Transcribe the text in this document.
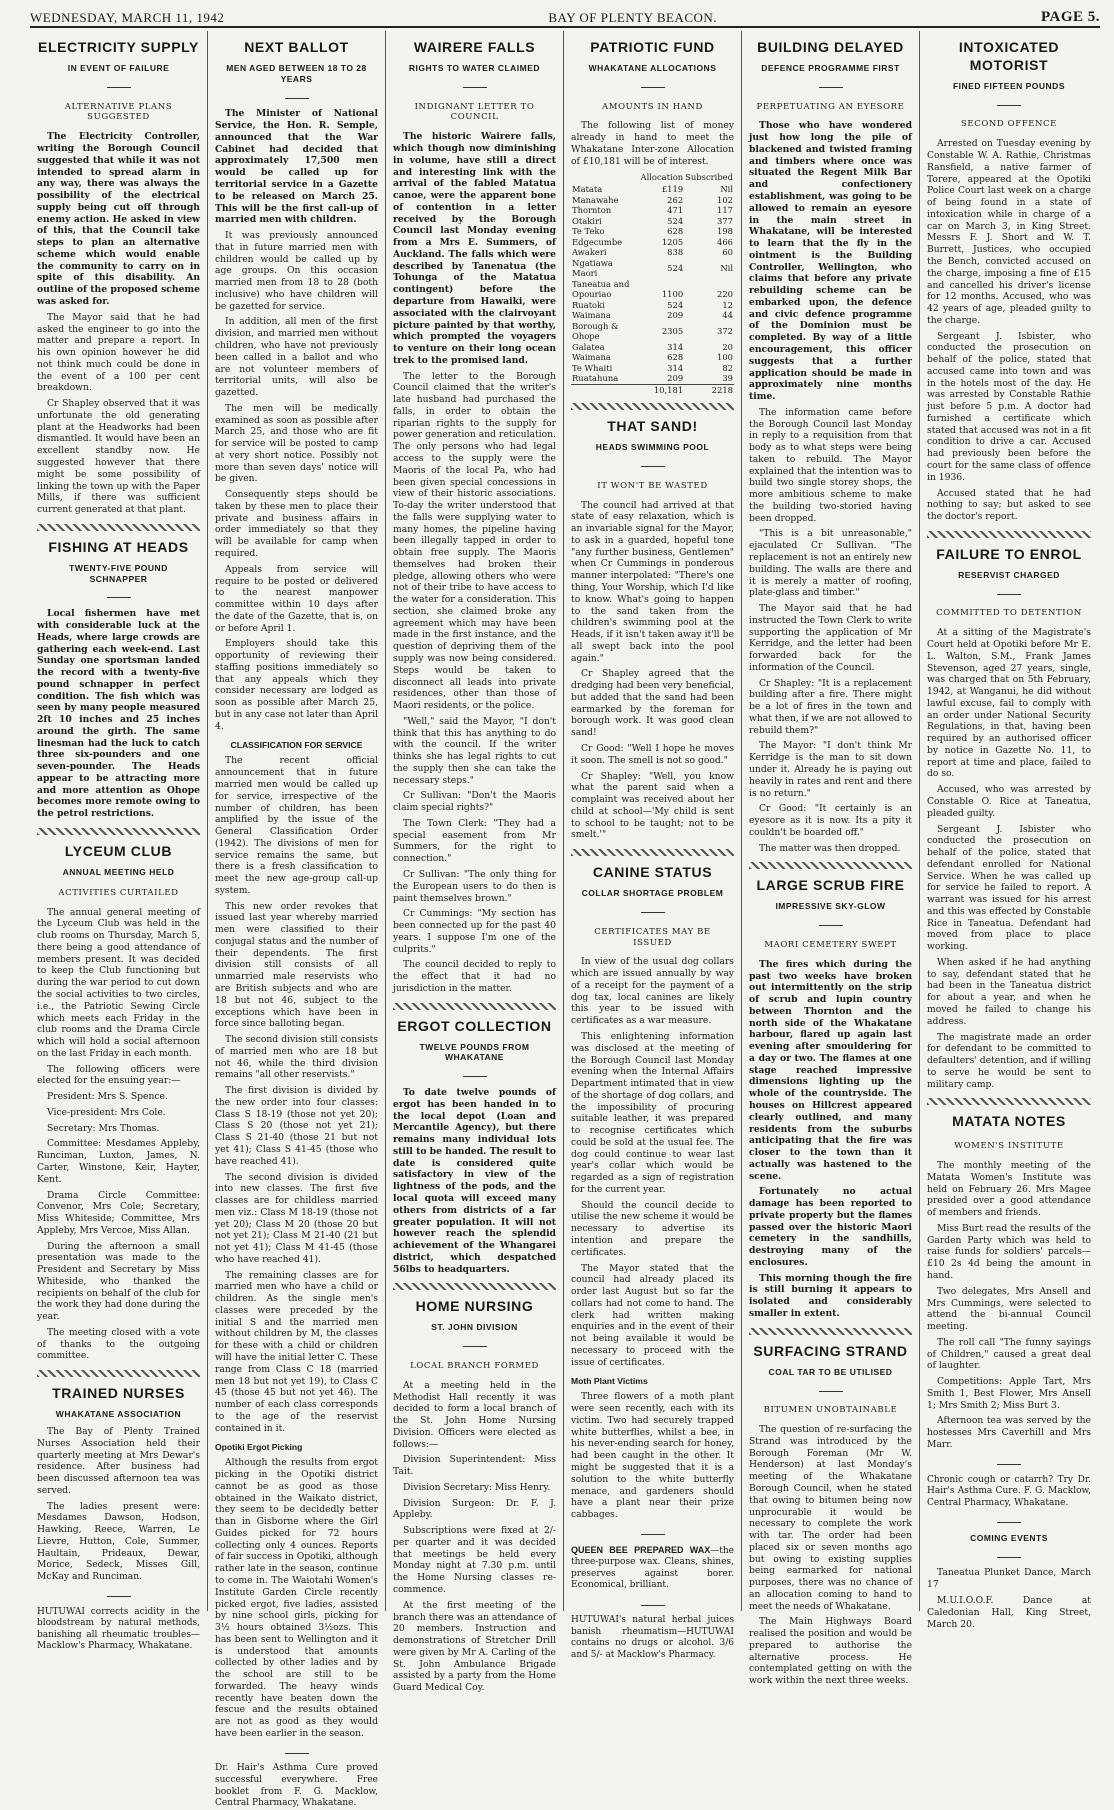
WEDNESDAY, MARCH 11, 1942	BAY OF PLENTY BEACON.	PAGE 5.
ELECTRICITY SUPPLY
IN EVENT OF FAILURE
ALTERNATIVE PLANS SUGGESTED

The Electricity Controller, writing the Borough Council suggested that while it was not intended to spread alarm in any way, there was always the possibility of the electrical supply being cut off through enemy action. He asked in view of this, that the Council take steps to plan an alternative scheme which would enable the community to carry on in spite of this disability. An outline of the proposed scheme was asked for.

The Mayor said that he had asked the engineer to go into the matter and prepare a report. In his own opinion however he did not think much could be done in the event of a 100 per cent breakdown.

Cr Shapley observed that it was unfortunate the old generating plant at the Headworks had been dismantled. It would have been an excellent standby now. He suggested however that there might be some possibility of linking the town up with the Paper Mills, if there was sufficient current generated at that plant.

FISHING AT HEADS
TWENTY-FIVE POUND SCHNAPPER

Local fishermen have met with considerable luck at the Heads, where large crowds are gathering each week-end. Last Sunday one sportsman landed the record with a twenty-five pound schnapper in perfect condition. The fish which was seen by many people measured 2ft 10 inches and 25 inches around the girth. The same linesman had the luck to catch three six-pounders and one seven-pounder. The Heads appear to be attracting more and more attention as Ohope becomes more remote owing to the petrol restrictions.

LYCEUM CLUB
ANNUAL MEETING HELD
ACTIVITIES CURTAILED

The annual general meeting of the Lyceum Club was held in the club rooms on Thursday, March 5, there being a good attendance of members present. It was decided to keep the Club functioning but during the war period to cut down the social activities to two circles, i.e., the Patriotic Sewing Circle which meets each Friday in the club rooms and the Drama Circle which will hold a social afternoon on the last Friday in each month.

The following officers were elected for the ensuing year:—

President: Mrs S. Spence.

Vice-president: Mrs Cole.

Secretary: Mrs Thomas.

Committee: Mesdames Appleby, Runciman, Luxton, James, N. Carter, Winstone, Keir, Hayter, Kent.

Drama Circle Committee: Convenor, Mrs Cole; Secretary, Miss Whiteside; Committee, Mrs Appleby, Mrs Vercoe, Miss Allan.

During the afternoon a small presentation was made to the President and Secretary by Miss Whiteside, who thanked the recipients on behalf of the club for the work they had done during the year.

The meeting closed with a vote of thanks to the outgoing committee.

TRAINED NURSES
WHAKATANE ASSOCIATION

The Bay of Plenty Trained Nurses Association held their quarterly meeting at Mrs Dewar's residence. After business had been discussed afternoon tea was served.

The ladies present were: Mesdames Dawson, Hodson, Hawking, Reece, Warren, Le Lievre, Hutton, Cole, Summer, Haultain, Prideaux, Dewar, Morice, Sedeck, Misses Gill, McKay and Runciman.

HUTUWAI corrects acidity in the bloodstream by natural methods, banishing all rheumatic troubles—Macklow's Pharmacy, Whakatane.

NEXT BALLOT
MEN AGED BETWEEN 18 TO 28 YEARS

The Minister of National Service, the Hon. R. Semple, announced that the War Cabinet had decided that approximately 17,500 men would be called up for territorial service in a Gazette to be released on March 25. This will be the first call-up of married men with children.

It was previously announced that in future married men with children would be called up by age groups. On this occasion married men from 18 to 28 (both inclusive) who have children will be gazetted for service.

In addition, all men of the first division, and married men without children, who have not previously been called in a ballot and who are not volunteer members of territorial units, will also be gazetted.

The men will be medically examined as soon as possible after March 25, and those who are fit for service will be posted to camp at very short notice. Possibly not more than seven days' notice will be given.

Consequently steps should be taken by these men to place their private and business affairs in order immediately so that they will be available for camp when required.

Appeals from service will require to be posted or delivered to the nearest manpower committee within 10 days after the date of the Gazette, that is, on or before April 1.

Employers should take this opportunity of reviewing their staffing positions immediately so that any appeals which they consider necessary are lodged as soon as possible after March 25, but in any case not later than April 4.

CLASSIFICATION FOR SERVICE

The recent official announcement that in future married men would be called up for service, irrespective of the number of children, has been amplified by the issue of the General Classification Order (1942). The divisions of men for service remains the same, but there is a fresh classification to meet the new age-group call-up system.

This new order revokes that issued last year whereby married men were classified to their conjugal status and the number of their dependents. The first division still consists of all unmarried male reservists who are British subjects and who are 18 but not 46, subject to the exceptions which have been in force since balloting began.

The second division still consists of married men who are 18 but not 46, while the third division remains "all other reservists."

The first division is divided by the new order into four classes: Class S 18-19 (those not yet 20); Class S 20 (those not yet 21); Class S 21-40 (those 21 but not yet 41); Class S 41-45 (those who have reached 41).

The second division is divided into new classes. The first five classes are for childless married men viz.: Class M 18-19 (those not yet 20); Class M 20 (those 20 but not yet 21); Class M 21-40 (21 but not yet 41); Class M 41-45 (those who have reached 41).

The remaining classes are for married men who have a child or children. As the single men's classes were preceded by the initial S and the married men without children by M, the classes for these with a child or children will have the initial letter C. These range from Class C 18 (married men 18 but not yet 19), to Class C 45 (those 45 but not yet 46). The number of each class corresponds to the age of the reservist contained in it.

Opotiki Ergot Picking

Although the results from ergot picking in the Opotiki district cannot be as good as those obtained in the Waikato district, they seem to be decidedly better than in Gisborne where the Girl Guides picked for 72 hours collecting only 4 ounces. Reports of fair success in Opotiki, although rather late in the season, continue to come in. The Waiotahi Women's Institute Garden Circle recently picked ergot, five ladies, assisted by nine school girls, picking for 3½ hours obtained 3½ozs. This has been sent to Wellington and it is understood that amounts collected by other ladies and by the school are still to be forwarded. The heavy winds recently have beaten down the fescue and the results obtained are not as good as they would have been earlier in the season.

Dr. Hair's Asthma Cure proved successful everywhere. Free booklet from F. G. Macklow, Central Pharmacy, Whakatane.

WAIRERE FALLS
RIGHTS TO WATER CLAIMED
INDIGNANT LETTER TO COUNCIL

The historic Wairere falls, which though now diminishing in volume, have still a direct and interesting link with the arrival of the fabled Matatua canoe, were the apparent bone of contention in a letter received by the Borough Council last Monday evening from a Mrs E. Summers, of Auckland. The falls which were described by Tanenatua (the Tohunga of the Matatua contingent) before the departure from Hawaiki, were associated with the clairvoyant picture painted by that worthy, which prompted the voyagers to venture on their long ocean trek to the promised land.

The letter to the Borough Council claimed that the writer's late husband had purchased the falls, in order to obtain the riparian rights to the supply for power generation and reticulation. The only persons who had legal access to the supply were the Maoris of the local Pa, who had been given special concessions in view of their historic associations. To-day the writer understood that the falls were supplying water to many homes, the pipeline having been illegally tapped in order to obtain free supply. The Maoris themselves had broken their pledge, allowing others who were not of their tribe to have access to the water for a consideration. This section, she claimed broke any agreement which may have been made in the first instance, and the question of depriving them of the supply was now being considered. Steps would be taken to disconnect all leads into private residences, other than those of Maori residents, or the police.

"Well," said the Mayor, "I don't think that this has anything to do with the council. If the writer thinks she has legal rights to cut the supply then she can take the necessary steps."

Cr Sullivan: "Don't the Maoris claim special rights?"

The Town Clerk: "They had a special easement from Mr Summers, for the right to connection."

Cr Sullivan: "The only thing for the European users to do then is paint themselves brown."

Cr Cummings: "My section has been connected up for the past 40 years. I suppose I'm one of the culprits."

The council decided to reply to the effect that it had no jurisdiction in the matter.

ERGOT COLLECTION
TWELVE POUNDS FROM WHAKATANE

To date twelve pounds of ergot has been handed in to the local depot (Loan and Mercantile Agency), but there remains many individual lots still to be handed. The result to date is considered quite satisfactory in view of the lightness of the pods, and the local quota will exceed many others from districts of a far greater population. It will not however reach the splendid achievement of the Whangarei district, which despatched 56lbs to headquarters.

HOME NURSING
ST. JOHN DIVISION
LOCAL BRANCH FORMED

At a meeting held in the Methodist Hall recently it was decided to form a local branch of the St. John Home Nursing Division. Officers were elected as follows:—

Division Superintendent: Miss Tait.

Division Secretary: Miss Henry.

Division Surgeon: Dr. F. J. Appleby.

Subscriptions were fixed at 2/- per quarter and it was decided that meetings be held every Monday night at 7.30 p.m. until the Home Nursing classes re-commence.

At the first meeting of the branch there was an attendance of 20 members. Instruction and demonstrations of Stretcher Drill were given by Mr A. Carling of the St. John Ambulance Brigade assisted by a party from the Home Guard Medical Coy.

PATRIOTIC FUND
WHAKATANE ALLOCATIONS
AMOUNTS IN HAND

The following list of money already in hand to meet the Whakatane Inter-zone Allocation of £10,181 will be of interest.

	Allocation	Subscribed
Matata	£119	Nil
Manawahe	262	102
Thornton	471	117
Otakiri	524	377
Te Teko	628	198
Edgecumbe	1205	466
Awakeri	838	60
Ngatiawa Maori	524	Nil
Taneatua and		
Opouriao	1100	220
Ruatoki	524	12
Waimana	209	44
Borough & Ohope	2305	372
Galatea	314	20
Waimana	628	100
Te Whaiti	314	82
Ruatahuna	209	39
	10,181	2218
THAT SAND!
HEADS SWIMMING POOL
IT WON'T BE WASTED

The council had arrived at that state of easy relaxation, which is an invariable signal for the Mayor, to ask in a guarded, hopeful tone "any further business, Gentlemen" when Cr Cummings in ponderous manner interpolated: "There's one thing, Your Worship, which I'd like to know. What's going to happen to the sand taken from the children's swimming pool at the Heads, if it isn't taken away it'll be all swept back into the pool again."

Cr Shapley agreed that the dredging had been very beneficial, but added that the sand had been earmarked by the foreman for borough work. It was good clean sand!

Cr Good: "Well I hope he moves it soon. The smell is not so good."

Cr Shapley: "Well, you know what the parent said when a complaint was received about her child at school—'My child is sent to school to be taught; not to be smelt.'"

CANINE STATUS
COLLAR SHORTAGE PROBLEM
CERTIFICATES MAY BE ISSUED

In view of the usual dog collars which are issued annually by way of a receipt for the payment of a dog tax, local canines are likely this year to be issued with certificates as a war measure.

This enlightening information was disclosed at the meeting of the Borough Council last Monday evening when the Internal Affairs Department intimated that in view of the shortage of dog collars, and the impossibility of procuring suitable leather, it was prepared to recognise certificates which could be sold at the usual fee. The dog could continue to wear last year's collar which would be regarded as a sign of registration for the current year.

Should the council decide to utilise the new scheme it would be necessary to advertise its intention and prepare the certificates.

The Mayor stated that the council had already placed its order last August but so far the collars had not come to hand. The clerk had written making enquiries and in the event of their not being available it would be necessary to proceed with the issue of certificates.

Moth Plant Victims

Three flowers of a moth plant were seen recently, each with its victim. Two had securely trapped white butterflies, whilst a bee, in his never-ending search for honey, had been caught in the other. It might be suggested that it is a solution to the white butterfly menace, and gardeners should have a plant near their prize cabbages.

QUEEN BEE PREPARED WAX—the three-purpose wax. Cleans, shines, preserves against borer. Economical, brilliant.

HUTUWAI's natural herbal juices banish rheumatism—HUTUWAI contains no drugs or alcohol. 3/6 and 5/- at Macklow's Pharmacy.

BUILDING DELAYED
DEFENCE PROGRAMME FIRST
PERPETUATING AN EYESORE

Those who have wondered just how long the pile of blackened and twisted framing and timbers where once was situated the Regent Milk Bar and confectionery establishment, was going to be allowed to remain an eyesore in the main street in Whakatane, will be interested to learn that the fly in the ointment is the Building Controller, Wellington, who claims that before any private rebuilding scheme can be embarked upon, the defence and civic defence programme of the Dominion must be completed. By way of a little encouragement, this officer suggests that a further application should be made in approximately nine months time.

The information came before the Borough Council last Monday in reply to a requisition from that body as to what steps were being taken to rebuild. The Mayor explained that the intention was to build two single storey shops, the more ambitious scheme to make the building two-storied having been dropped.

"This is a bit unreasonable," ejaculated Cr Sullivan. "The replacement is not an entirely new building. The walls are there and it is merely a matter of roofing, plate-glass and timber."

The Mayor said that he had instructed the Town Clerk to write supporting the application of Mr Kerridge, and the letter had been forwarded back for the information of the Council.

Cr Shapley: "It is a replacement building after a fire. There might be a lot of fires in the town and what then, if we are not allowed to rebuild them?"

The Mayor: "I don't think Mr Kerridge is the man to sit down under it. Already he is paying out heavily in rates and rent and there is no return."

Cr Good: "It certainly is an eyesore as it is now. Its a pity it couldn't be boarded off."

The matter was then dropped.

LARGE SCRUB FIRE
IMPRESSIVE SKY-GLOW
MAORI CEMETERY SWEPT

The fires which during the past two weeks have broken out intermittently on the strip of scrub and lupin country between Thornton and the north side of the Whakatane harbour, flared up again last evening after smouldering for a day or two. The flames at one stage reached impressive dimensions lighting up the whole of the countryside. The houses on Hillcrest appeared clearly outlined, and many residents from the suburbs anticipating that the fire was closer to the town than it actually was hastened to the scene.

Fortunately no actual damage has been reported to private property but the flames passed over the historic Maori cemetery in the sandhills, destroying many of the enclosures.

This morning though the fire is still burning it appears to isolated and considerably smaller in extent.

SURFACING STRAND
COAL TAR TO BE UTILISED
BITUMEN UNOBTAINABLE

The question of re-surfacing the Strand was introduced by the Borough Foreman (Mr W. Henderson) at last Monday's meeting of the Whakatane Borough Council, when he stated that owing to bitumen being now unprocurable it would be necessary to complete the work with tar. The order had been placed six or seven months ago but owing to existing supplies being earmarked for national purposes, there was no chance of an allocation coming to hand to meet the needs of Whakatane.

The Main Highways Board realised the position and would be prepared to authorise the alternative process. He contemplated getting on with the work within the next three weeks.

INTOXICATED MOTORIST
FINED FIFTEEN POUNDS
SECOND OFFENCE

Arrested on Tuesday evening by Constable W. A. Rathie, Christmas Ransfield, a native farmer of Torere, appeared at the Opotiki Police Court last week on a charge of being found in a state of intoxication while in charge of a car on March 3, in King Street. Messrs F. J. Short and W. T. Burrett, Justices, who occupied the Bench, convicted accused on the charge, imposing a fine of £15 and cancelled his driver's license for 12 months. Accused, who was 42 years of age, pleaded guilty to the charge.

Sergeant J. Isbister, who conducted the prosecution on behalf of the police, stated that accused came into town and was in the hotels most of the day. He was arrested by Constable Rathie just before 5 p.m. A doctor had furnished a certificate which stated that accused was not in a fit condition to drive a car. Accused had previously been before the court for the same class of offence in 1936.

Accused stated that he had nothing to say; but asked to see the doctor's report.

FAILURE TO ENROL
RESERVIST CHARGED
COMMITTED TO DETENTION

At a sitting of the Magistrate's Court held at Opotiki before Mr E. L. Walton, S.M., Frank James Stevenson, aged 27 years, single, was charged that on 5th February, 1942, at Wanganui, he did without lawful excuse, fail to comply with an order under National Security Regulations, in that, having been required by an authorised officer by notice in Gazette No. 11, to report at time and place, failed to do so.

Accused, who was arrested by Constable O. Rice at Taneatua, pleaded guilty.

Sergeant J. Isbister who conducted the prosecution on behalf of the police, stated that defendant enrolled for National Service. When he was called up for service he failed to report. A warrant was issued for his arrest and this was effected by Constable Rice in Taneatua. Defendant had moved from place to place working.

When asked if he had anything to say, defendant stated that he had been in the Taneatua district for about a year, and when he moved he failed to change his address.

The magistrate made an order for defendant to be committed to defaulters' detention, and if willing to serve he would be sent to military camp.

MATATA NOTES
WOMEN'S INSTITUTE

The monthly meeting of the Matata Women's Institute was held on February 26. Mrs Magee presided over a good attendance of members and friends.

Miss Burt read the results of the Garden Party which was held to raise funds for soldiers' parcels—£10 2s 4d being the amount in hand.

Two delegates, Mrs Ansell and Mrs Cummings, were selected to attend the bi-annual Council meeting.

The roll call "The funny sayings of Children," caused a great deal of laughter.

Competitions: Apple Tart, Mrs Smith 1, Best Flower, Mrs Ansell 1; Mrs Smith 2; Miss Burt 3.

Afternoon tea was served by the hostesses Mrs Caverhill and Mrs Marr.

Chronic cough or catarrh? Try Dr. Hair's Asthma Cure. F. G. Macklow, Central Pharmacy, Whakatane.

COMING EVENTS

Taneatua Plunket Dance, March 17

M.U.I.O.O.F. Dance at Caledonian Hall, King Street, March 20.
